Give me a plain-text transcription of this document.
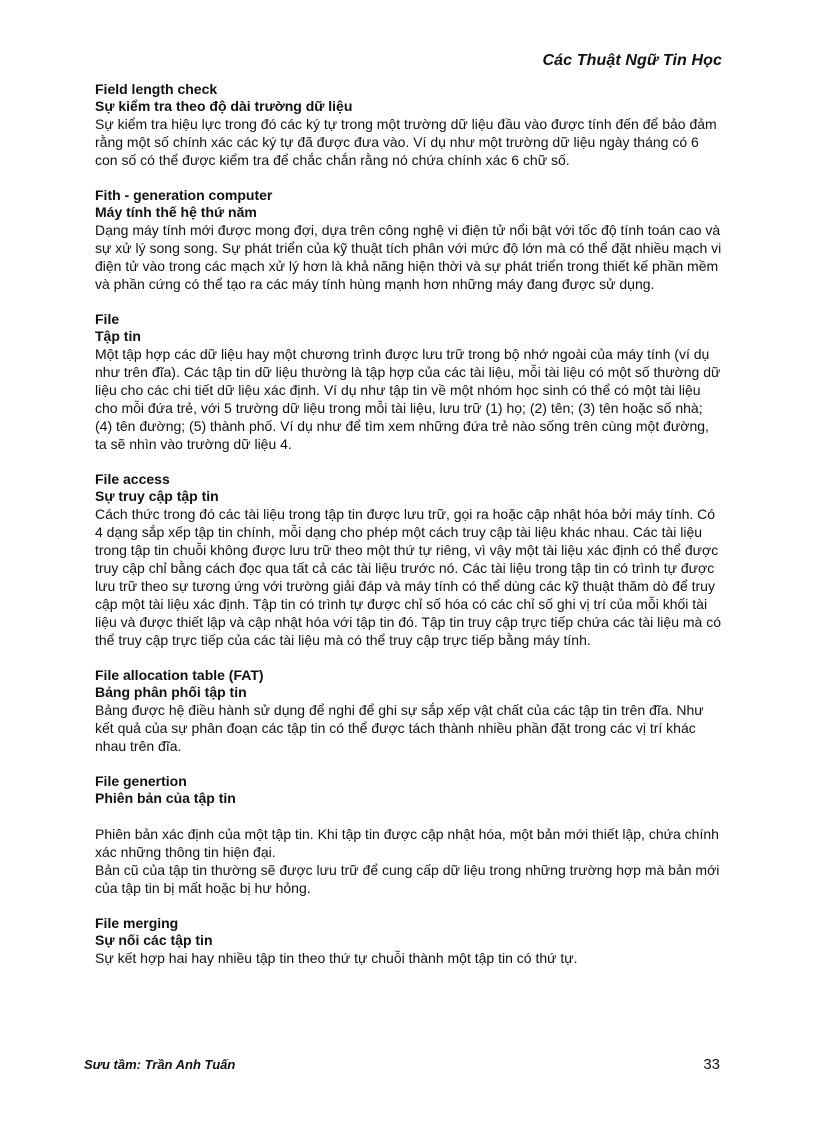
Các Thuật Ngữ Tin Học
Field length check
Sự kiểm tra theo độ dài trường dữ liệu

Sự kiểm tra hiệu lực trong đó các ký tự trong một trường dữ liệu đầu vào được tính đến để bảo đảm rằng một số chính xác các ký tự đã được đưa vào. Ví dụ như một trường dữ liệu ngày tháng có 6 con số có thể được kiểm tra để chắc chắn rằng nó chứa chính xác 6 chữ số.

Fith - generation computer
Máy tính thế hệ thứ năm

Dạng máy tính mới được mong đợi, dựa trên công nghệ vi điện tử nổi bật với tốc độ tính toán cao và sự xử lý song song. Sự phát triển của kỹ thuật tích phân với mức độ lớn mà có thể đặt nhiều mạch vi điện tử vào trong các mạch xử lý hơn là khả năng hiện thời và sự phát triển trong thiết kế phần mềm và phần cứng có thể tạo ra các máy tính hùng mạnh hơn những máy đang được sử dụng.

File
Tập tin

Một tập hợp các dữ liệu hay một chương trình được lưu trữ trong bộ nhớ ngoài của máy tính (ví dụ như trên đĩa). Các tập tin dữ liệu thường là tập hợp của các tài liệu, mỗi tài liệu có một số thường dữ liệu cho các chi tiết dữ liệu xác định. Ví dụ như tập tin về một nhóm học sinh có thể có một tài liệu cho mỗi đứa trẻ, với 5 trường dữ liệu trong mỗi tài liệu, lưu trữ (1) họ; (2) tên; (3) tên hoặc số nhà; (4) tên đường; (5) thành phố. Ví dụ như để tìm xem những đứa trẻ nào sống trên cùng một đường, ta sẽ nhìn vào trường dữ liệu 4.

File access
Sự truy cập tập tin

Cách thức trong đó các tài liệu trong tập tin được lưu trữ, gọi ra hoặc cập nhật hóa bởi máy tính. Có 4 dạng sắp xếp tập tin chính, mỗi dạng cho phép một cách truy cập tài liệu khác nhau. Các tài liệu trong tập tin chuỗi không được lưu trữ theo một thứ tự riêng, vì vậy một tài liệu xác định có thể được truy cập chỉ bằng cách đọc qua tất cả các tài liệu trước nó. Các tài liệu trong tập tin có trình tự được lưu trữ theo sự tương ứng với trường giải đáp và máy tính có thể dùng các kỹ thuật thăm dò để truy cập một tài liệu xác định. Tập tin có trình tự được chỉ số hóa có các chỉ số ghi vị trí của mỗi khối tài liệu và được thiết lập và cập nhật hóa với tập tin đó. Tập tin truy cập trực tiếp chứa các tài liệu mà có thể truy cập trực tiếp của các tài liệu mà có thể truy cập trực tiếp bằng máy tính.

File allocation table (FAT)
Bảng phân phối tập tin

Bảng được hệ điều hành sử dụng để nghi để ghi sự sắp xếp vật chất của các tập tin trên đĩa. Như kết quả của sự phân đoạn các tập tin có thể được tách thành nhiều phần đặt trong các vị trí khác nhau trên đĩa.

File genertion
Phiên bản của tập tin

Phiên bản xác định của một tập tin. Khi tập tin được cập nhật hóa, một bản mới thiết lập, chứa chính xác những thông tin hiện đại.

Bản cũ của tập tin thường sẽ được lưu trữ để cung cấp dữ liệu trong những trường hợp mà bản mới của tập tin bị mất hoặc bị hư hỏng.

File merging
Sự nối các tập tin

Sự kết hợp hai hay nhiều tập tin theo thứ tự chuỗi thành một tập tin có thứ tự.

Sưu tầm: Trần Anh Tuấn	33
